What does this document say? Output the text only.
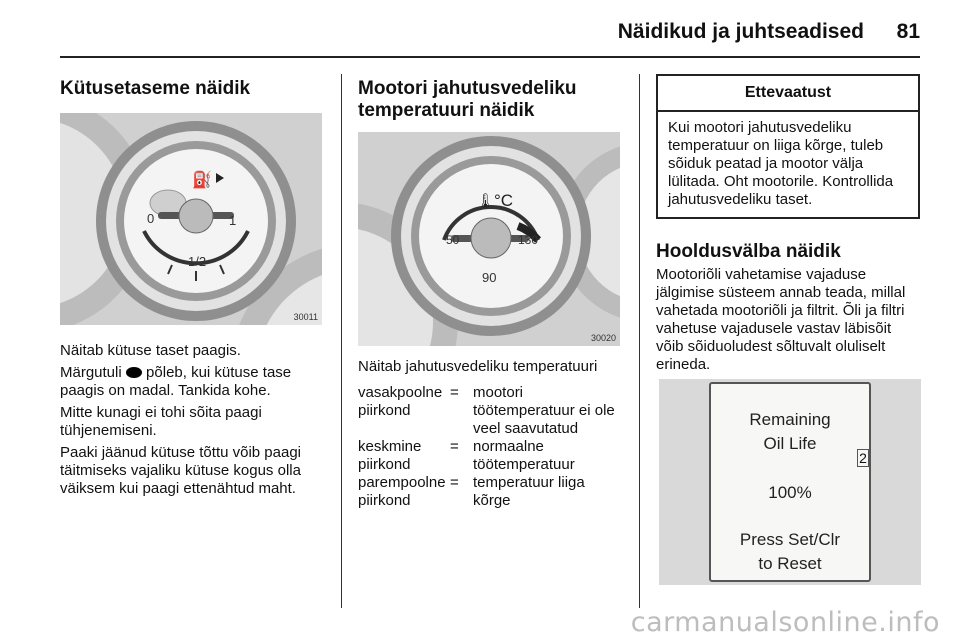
Näidikud ja juhtseadised 81
Kütusetaseme näidik
⛽
0
1/2
1
30011

Näitab kütuse taset paagis.

Märgutuli põleb, kui kütuse tase paagis on madal. Tankida kohe.

Mitte kunagi ei tohi sõita paagi tühjenemiseni.

Paaki jäänud kütuse tõttu võib paagi täitmiseks vajaliku kütuse kogus olla väiksem kui paagi ettenähtud maht.

Mootori jahutusvedeliku
temperatuuri näidik
🌡
°C
50
90
130
30020

Näitab jahutusvedeliku temperatuuri

vasakpoolne piirkond
= mootori töötemperatuur ei ole veel saavutatud
keskmine piirkond
= normaalne töötemperatuur
parempoolne piirkond
= temperatuur liiga kõrge
Ettevaatust
Kui mootori jahutusvedeliku temperatuur on liiga kõrge, tuleb sõiduk peatad ja mootor välja lülitada. Oht mootorile. Kontrollida jahutusvedeliku taset.
Hooldusvälba näidik

Mootoriõli vahetamise vajaduse jälgimise süsteem annab teada, millal vahetada mootoriõli ja filtrit. Õli ja filtri vahetuse vajadusele vastav läbisõit võib sõiduoludest sõltuvalt oluliselt erineda.

Remaining
Oil Life
100%
Press Set/Clr
to Reset
2
carmanualsonline.info
